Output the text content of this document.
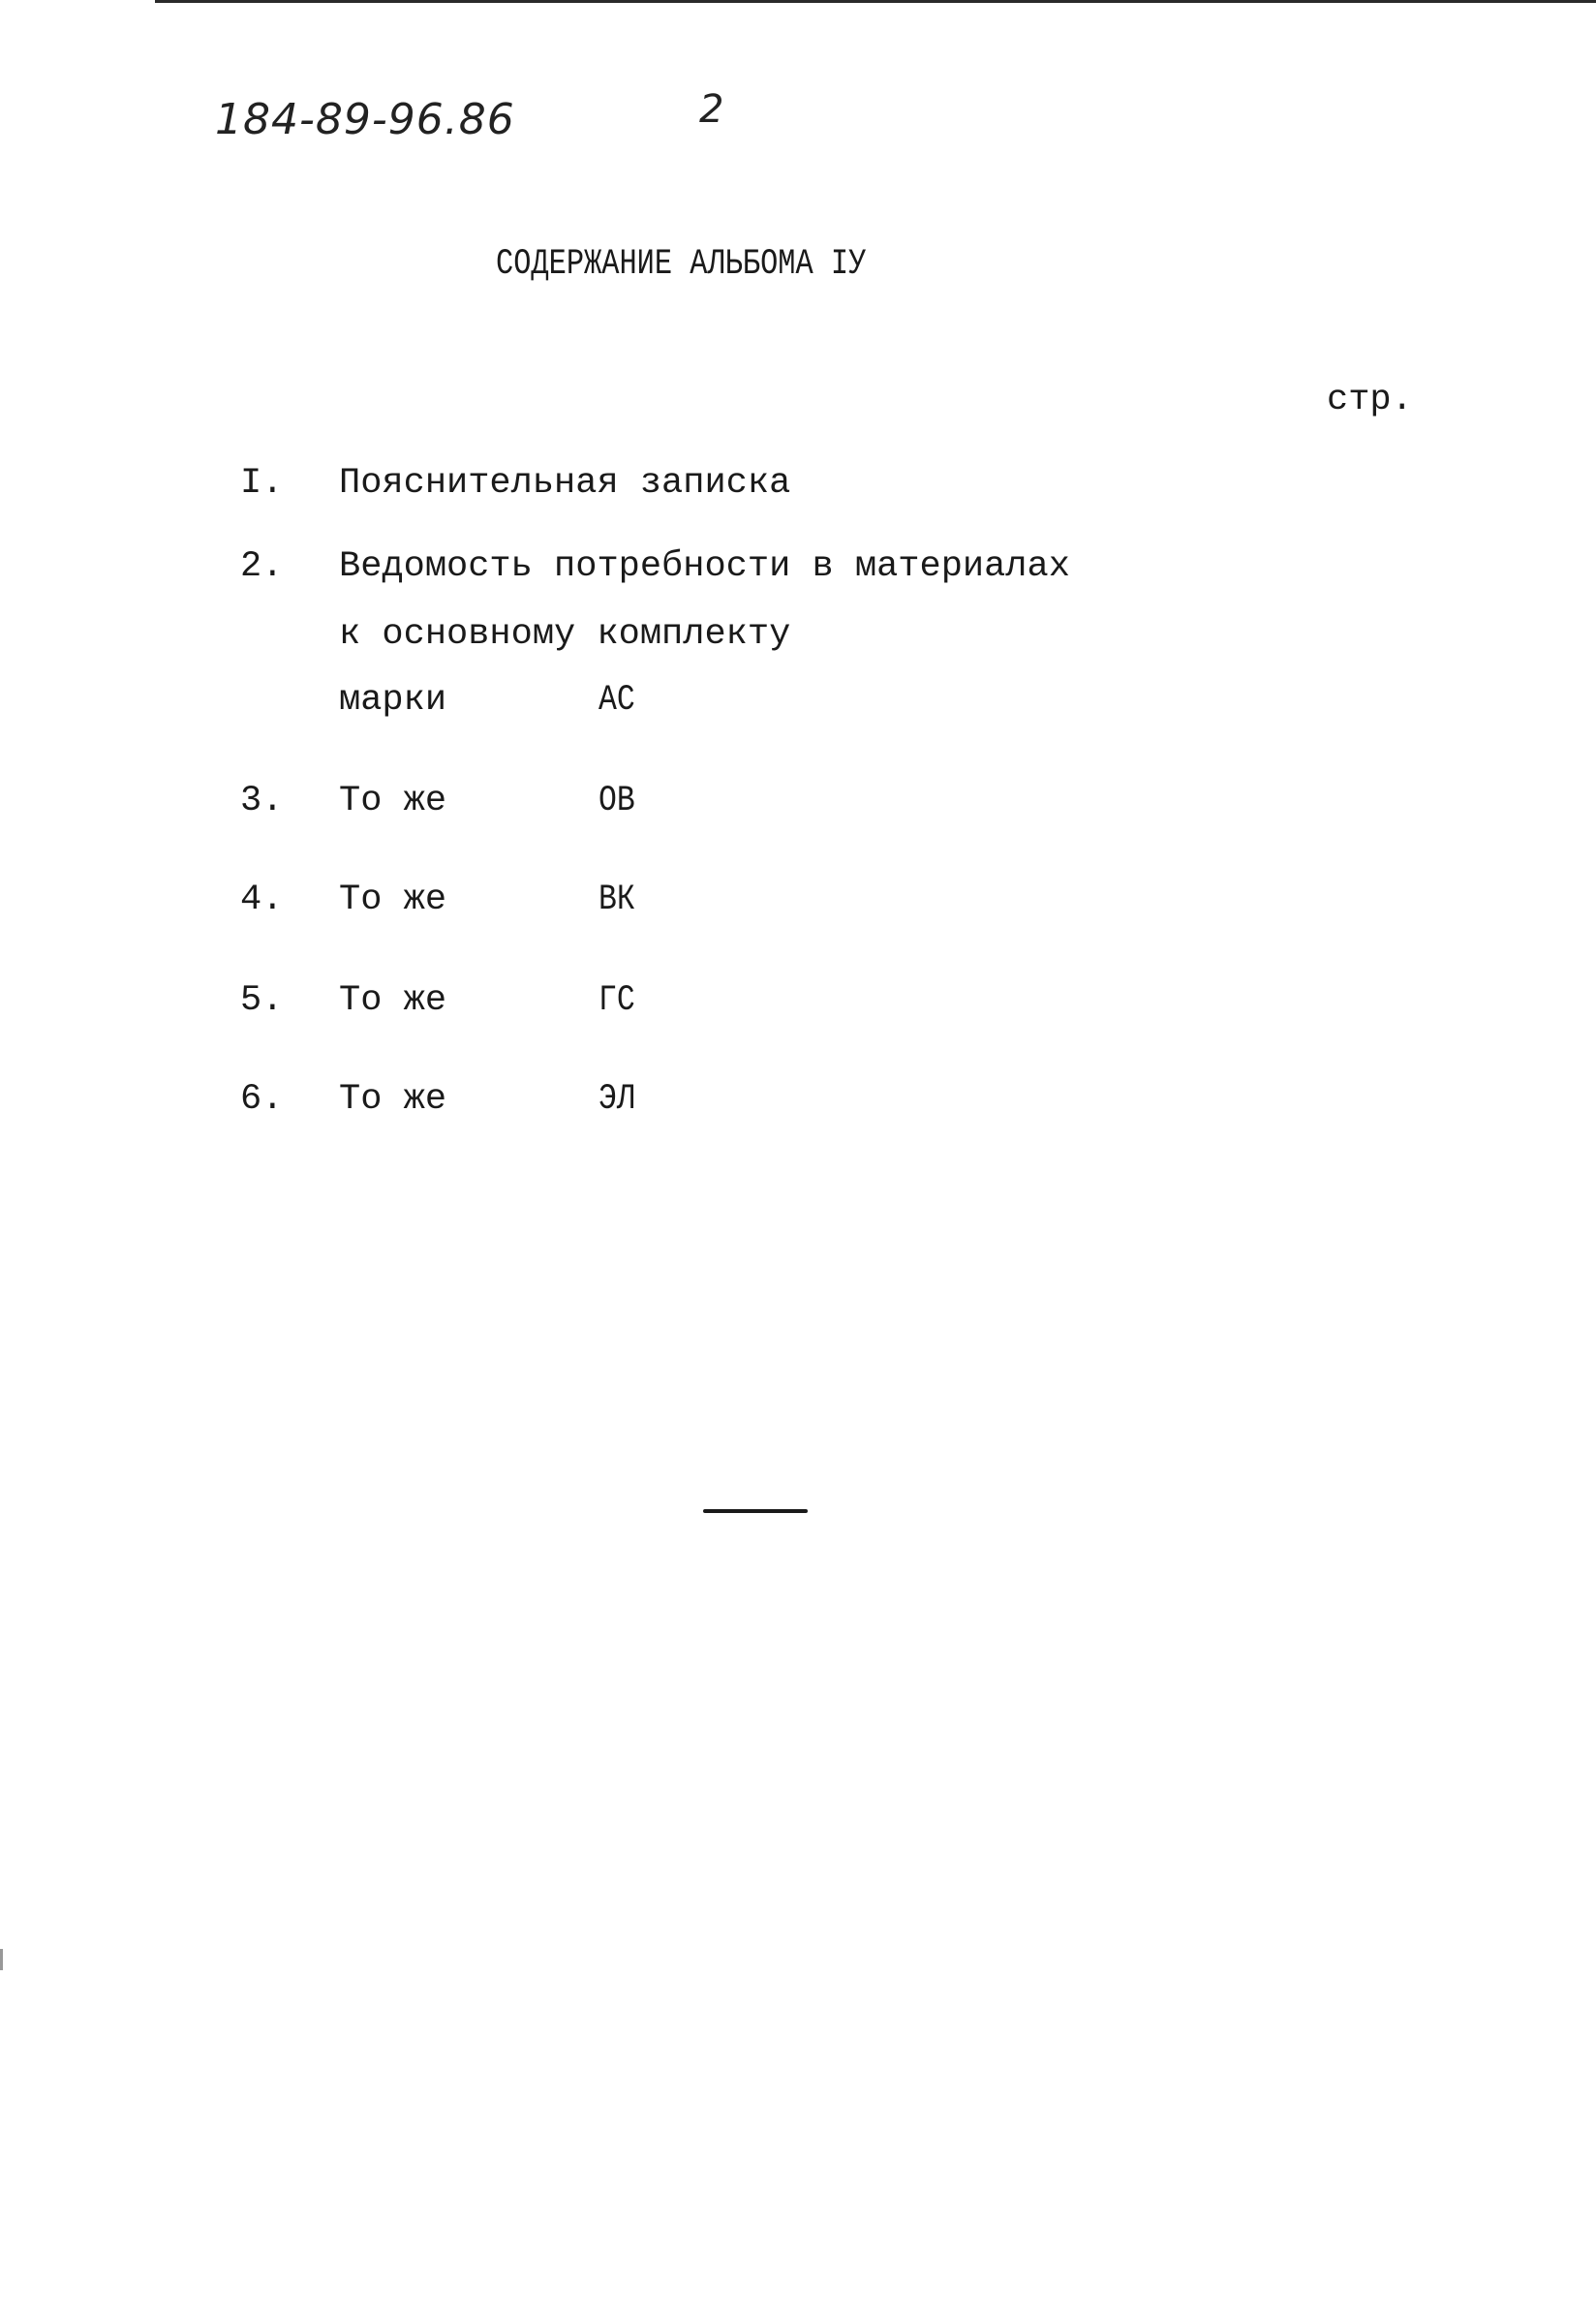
184-89-96.86	2
СОДЕРЖАНИЕ АЛЬБОМА IУ
стр.
I. Пояснительная записка
2. Ведомость потребности в материалах
к основному комплекту
марки	АС
3. То же	ОВ
4. То же	ВК
5. То же	ГС
6. То же	ЭЛ
